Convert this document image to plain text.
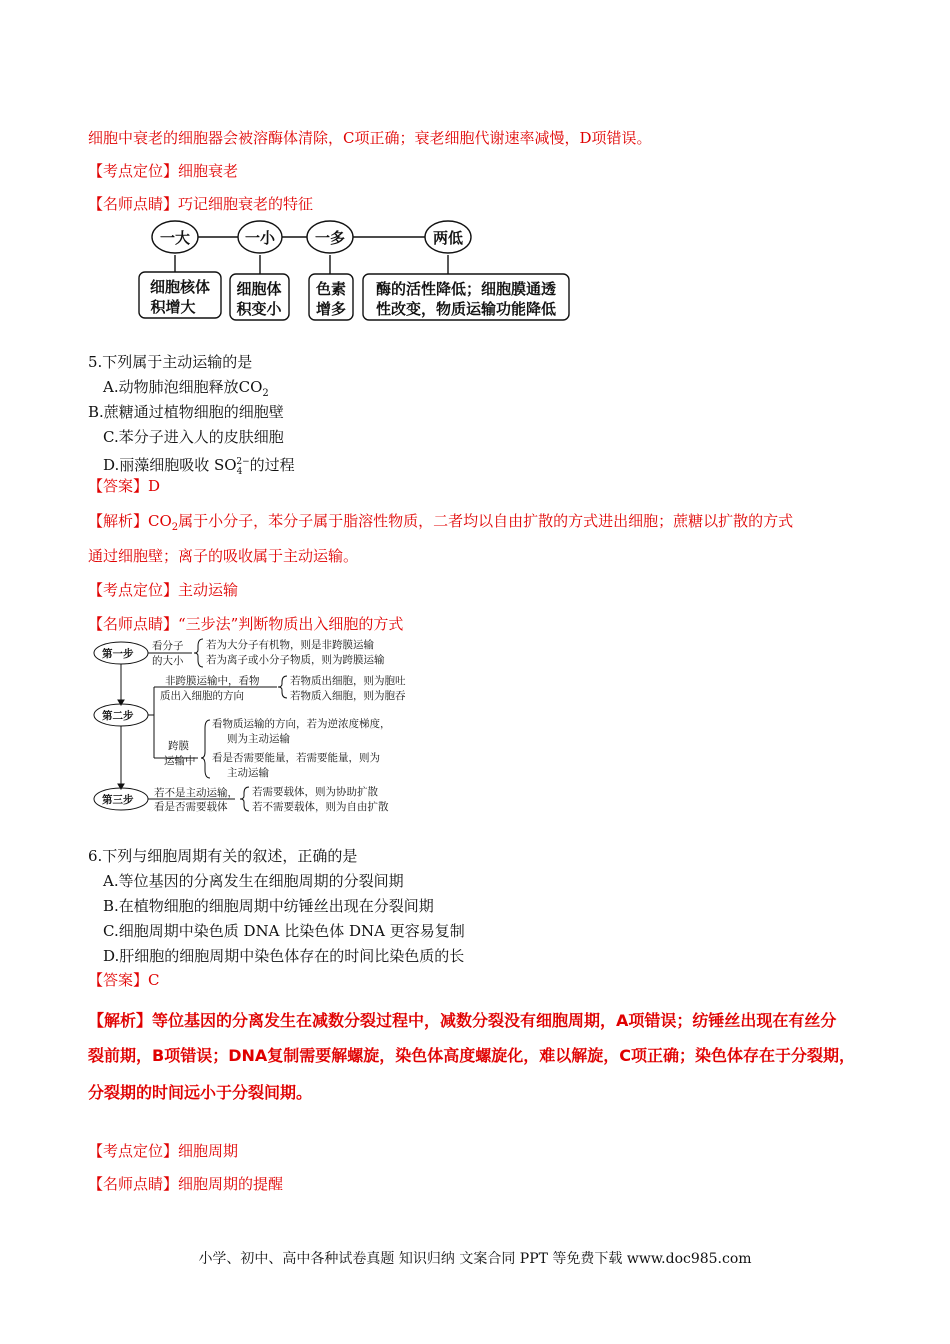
细胞中衰老的细胞器会被溶酶体清除，C项正确；衰老细胞代谢速率减慢，D项错误。
【考点定位】细胞衰老
【名师点睛】巧记细胞衰老的特征
一大	一小	一多	两低
细胞核体
积增大
细胞体
积变小
色素
增多
酶的活性降低；细胞膜通透
性改变，物质运输功能降低
5.下列属于主动运输的是
A.动物肺泡细胞释放$CO_2$
B.蔗糖通过植物细胞的细胞壁
C.苯分子进入人的皮肤细胞
D.丽藻细胞吸收 $SO_4^{2-}$的过程
【答案】D
【解析】$CO_2$属于小分子，苯分子属于脂溶性物质，二者均以自由扩散的方式进出细胞；蔗糖以扩散的方式
通过细胞壁；离子的吸收属于主动运输。
【考点定位】主动运输
【名师点睛】“三步法”判断物质出入细胞的方式
第一步
第二步
第三步
看分子
的大小
若为大分子有机物，则是非跨膜运输
若为离子或小分子物质，则为跨膜运输
非跨膜运输中，看物
质出入细胞的方向
若物质出细胞，则为胞吐
若物质入细胞，则为胞吞
跨膜
运输中
看物质运输的方向，若为逆浓度梯度，
则为主动运输
看是否需要能量，若需要能量，则为
主动运输
若不是主动运输，
看是否需要载体
若需要载体，则为协助扩散
若不需要载体，则为自由扩散
6.下列与细胞周期有关的叙述，正确的是
A.等位基因的分离发生在细胞周期的分裂间期
B.在植物细胞的细胞周期中纺锤丝出现在分裂间期
C.细胞周期中染色质 DNA 比染色体 DNA 更容易复制
D.肝细胞的细胞周期中染色体存在的时间比染色质的长
【答案】C
【解析】等位基因的分离发生在减数分裂过程中，减数分裂没有细胞周期，A项错误；纺锤丝出现在有丝分
裂前期，B项错误；DNA复制需要解螺旋，染色体高度螺旋化，难以解旋，C项正确；染色体存在于分裂期，
分裂期的时间远小于分裂间期。
【考点定位】细胞周期
【名师点睛】细胞周期的提醒
小学、初中、高中各种试卷真题 知识归纳 文案合同 PPT 等免费下载 www.doc985.com
